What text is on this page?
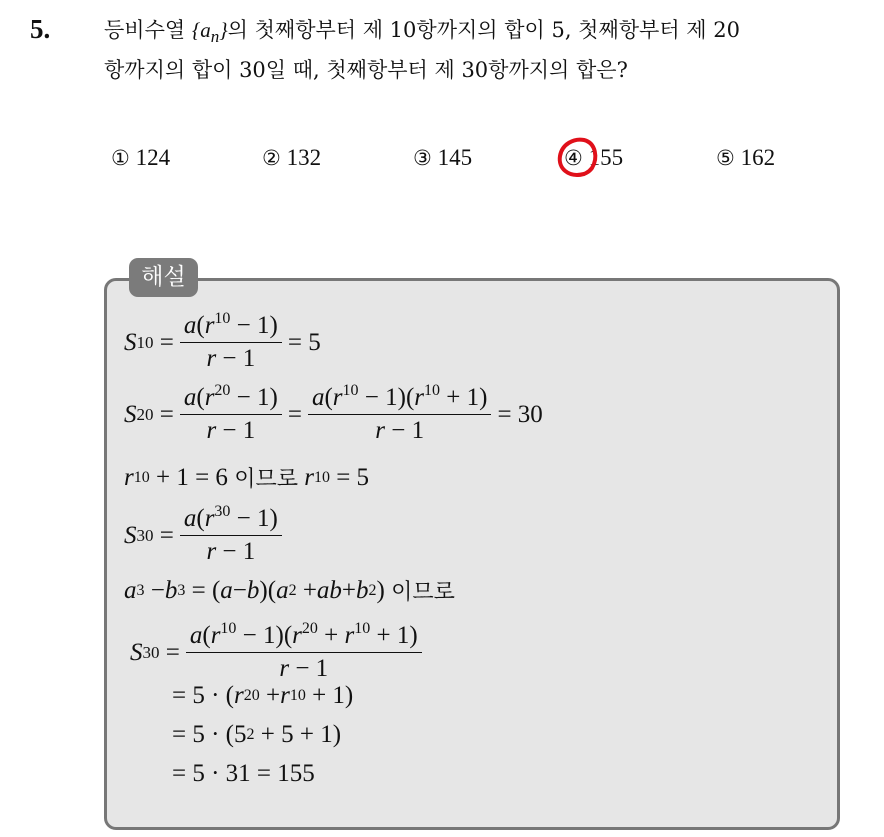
5.	등비수열 $\{a_n\}$의 첫째항부터 제 10항까지의 합이 5, 첫째항부터 제 20
항까지의 합이 30일 때, 첫째항부터 제 30항까지의 합은?
① 124	② 132	③ 145	④ 155	⑤ 162
해설
S $10 = \frac{a(r^{10} - 1)}{r - 1} = 5$
S $20 = \frac{a(r^{20} - 1)}{r - 1} = \frac{a(r^{10} - 1)(r^{10} + 1)}{r - 1} = 30$
r 10 + 1 = 6 이므로
r 10 = 5
S $30 = \frac{a(r^{30} - 1)}{r - 1}$
a 3 − b 3 = ( a − b )( a 2 + ab + b 2 ) 이므로
S $30 = \frac{a(r^{10} - 1)(r^{20} + r^{10} + 1)}{r - 1}$
= 5 · ( r 20 + r 10 + 1)
= 5 · (5 2 + 5 + 1)
= 5 · 31 = 155
